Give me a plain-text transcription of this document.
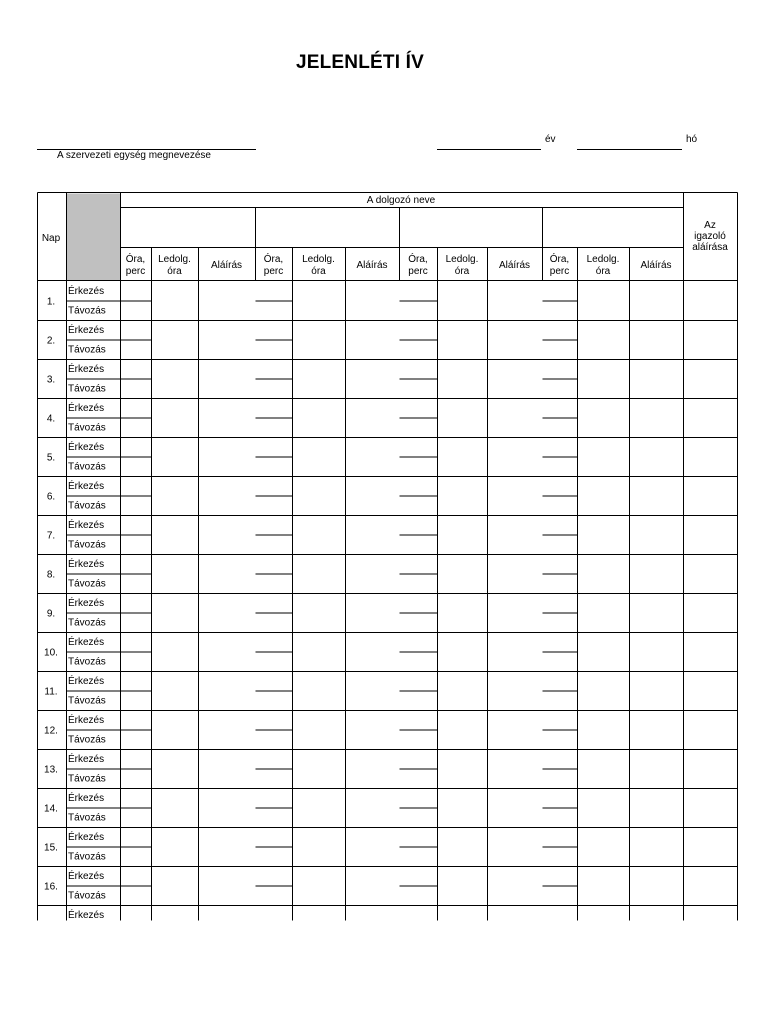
JELENLÉTI ÍV
A szervezeti egység megnevezése
év	hó
Nap
A dolgozó neve
Az
igazoló
aláírása
Óra,
perc
Ledolg.
óra
Aláírás
Óra,
perc
Ledolg.
óra
Aláírás
Óra,
perc
Ledolg.
óra
Aláírás
Óra,
perc
Ledolg.
óra
Aláírás
1.
Érkezés
Távozás
2.
Érkezés
Távozás
3.
Érkezés
Távozás
4.
Érkezés
Távozás
5.
Érkezés
Távozás
6.
Érkezés
Távozás
7.
Érkezés
Távozás
8.
Érkezés
Távozás
9.
Érkezés
Távozás
10.
Érkezés
Távozás
11.
Érkezés
Távozás
12.
Érkezés
Távozás
13.
Érkezés
Távozás
14.
Érkezés
Távozás
15.
Érkezés
Távozás
16.
Érkezés
Távozás
Érkezés
